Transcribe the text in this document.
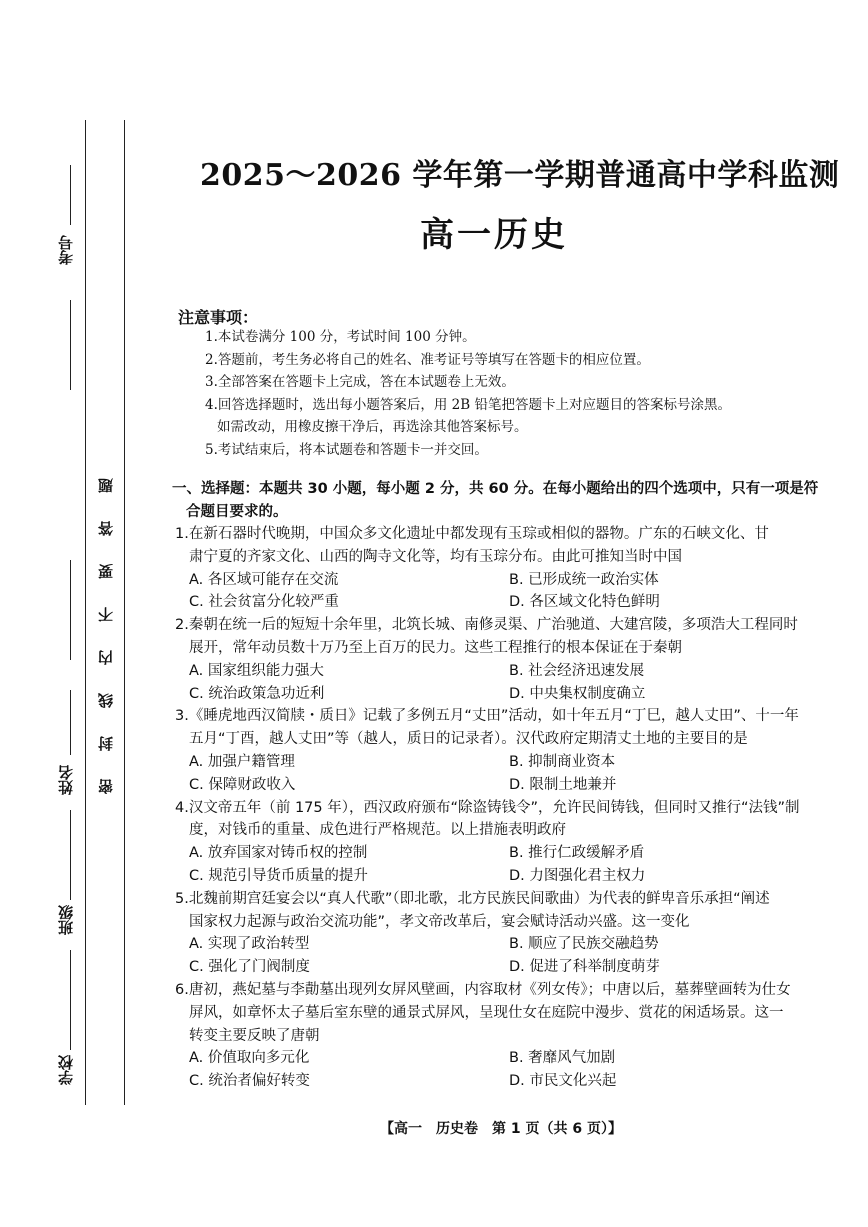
考号
姓名
班级
学校
密封线内不要答题
2025～2026 学年第一学期普通高中学科监测
高一历史
注意事项：
1.本试卷满分 100 分，考试时间 100 分钟。
2.答题前，考生务必将自己的姓名、准考证号等填写在答题卡的相应位置。
3.全部答案在答题卡上完成，答在本试题卷上无效。
4.回答选择题时，选出每小题答案后，用 2B 铅笔把答题卡上对应题目的答案标号涂黑。
如需改动，用橡皮擦干净后，再选涂其他答案标号。
5.考试结束后，将本试题卷和答题卡一并交回。
一、选择题：本题共 30 小题，每小题 2 分，共 60 分。在每小题给出的四个选项中，只有一项是符
合题目要求的。
1.在新石器时代晚期，中国众多文化遗址中都发现有玉琮或相似的器物。广东的石峡文化、甘
肃宁夏的齐家文化、山西的陶寺文化等，均有玉琮分布。由此可推知当时中国
A. 各区域可能存在交流	B. 已形成统一政治实体
C. 社会贫富分化较严重	D. 各区域文化特色鲜明
2.秦朝在统一后的短短十余年里，北筑长城、南修灵渠、广治驰道、大建宫陵，多项浩大工程同时
展开，常年动员数十万乃至上百万的民力。这些工程推行的根本保证在于秦朝
A. 国家组织能力强大	B. 社会经济迅速发展
C. 统治政策急功近利	D. 中央集权制度确立
3.《睡虎地西汉简牍・质日》记载了多例五月“丈田”活动，如十年五月“丁巳，越人丈田”、十一年
五月“丁酉，越人丈田”等（越人，质日的记录者）。汉代政府定期清丈土地的主要目的是
A. 加强户籍管理	B. 抑制商业资本
C. 保障财政收入	D. 限制土地兼并
4.汉文帝五年（前 175 年），西汉政府颁布“除盗铸钱令”，允许民间铸钱，但同时又推行“法钱”制
度，对钱币的重量、成色进行严格规范。以上措施表明政府
A. 放弃国家对铸币权的控制	B. 推行仁政缓解矛盾
C. 规范引导货币质量的提升	D. 力图强化君主权力
5.北魏前期宫廷宴会以“真人代歌”（即北歌，北方民族民间歌曲）为代表的鲜卑音乐承担“阐述
国家权力起源与政治交流功能”，孝文帝改革后，宴会赋诗活动兴盛。这一变化
A. 实现了政治转型	B. 顺应了民族交融趋势
C. 强化了门阀制度	D. 促进了科举制度萌芽
6.唐初，燕妃墓与李勣墓出现列女屏风壁画，内容取材《列女传》；中唐以后，墓葬壁画转为仕女
屏风，如章怀太子墓后室东壁的通景式屏风，呈现仕女在庭院中漫步、赏花的闲适场景。这一
转变主要反映了唐朝
A. 价值取向多元化	B. 奢靡风气加剧
C. 统治者偏好转变	D. 市民文化兴起
【高一　历史卷　第 1 页（共 6 页）】
